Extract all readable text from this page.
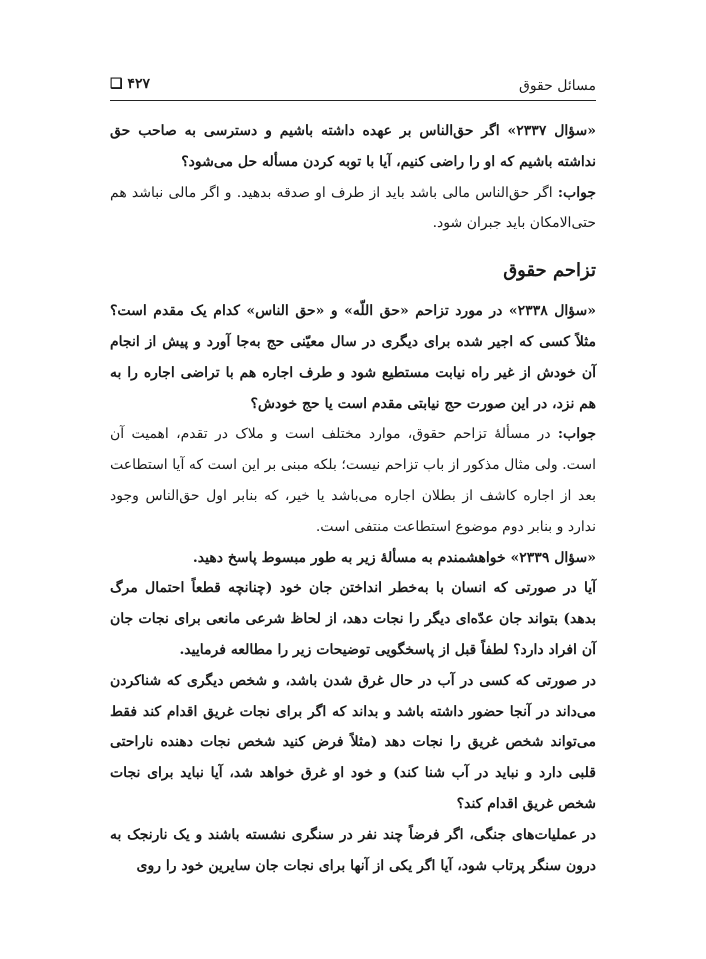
مسائل حقوق
❑ ۴۲۷

«سؤال ۲۳۳۷» اگر حق‌الناس بر عهده داشته باشیم و دسترسی به صاحب حق نداشته باشیم که او را راضی کنیم، آیا با توبه کردن مسأله حل می‌شود؟

جواب: اگر حق‌الناس مالی باشد باید از طرف او صدقه بدهید. و اگر مالی نباشد هم حتی‌الامکان باید جبران شود.

تزاحم حقوق

«سؤال ۲۳۳۸» در مورد تزاحم «حق اللّه» و «حق الناس» کدام یک مقدم است؟ مثلاً کسی که اجیر شده برای دیگری در سال معیّنی حج به‌جا آورد و پیش از انجام آن خودش از غیر راه نیابت مستطیع شود و طرف اجاره هم با تراضی اجاره را به هم نزد، در این صورت حج نیابتی مقدم است یا حج خودش؟

جواب: در مسألهٔ تزاحم حقوق، موارد مختلف است و ملاک در تقدم، اهمیت آن است. ولی مثال مذکور از باب تزاحم نیست؛ بلکه مبنی بر این است که آیا استطاعت بعد از اجاره کاشف از بطلان اجاره می‌باشد یا خیر، که بنابر اول حق‌الناس وجود ندارد و بنابر دوم موضوع استطاعت منتفی است.

«سؤال ۲۳۳۹» خواهشمندم به مسألهٔ زیر به طور مبسوط پاسخ دهید.

آیا در صورتی که انسان با به‌خطر انداختن جان خود (چنانچه قطعاً احتمال مرگ بدهد) بتواند جان عدّه‌ای دیگر را نجات دهد، از لحاظ شرعی مانعی برای نجات جان آن افراد دارد؟ لطفاً قبل از پاسخگویی توضیحات زیر را مطالعه فرمایید.

در صورتی که کسی در آب در حال غرق شدن باشد، و شخص دیگری که شناکردن می‌داند در آنجا حضور داشته باشد و بداند که اگر برای نجات غریق اقدام کند فقط می‌تواند شخص غریق را نجات دهد (مثلاً فرض کنید شخص نجات دهنده ناراحتی قلبی دارد و نباید در آب شنا کند) و خود او غرق خواهد شد، آیا نباید برای نجات شخص غریق اقدام کند؟

در عملیات‌های جنگی، اگر فرضاً چند نفر در سنگری نشسته باشند و یک نارنجک به درون سنگر پرتاب شود، آیا اگر یکی از آنها برای نجات جان سایرین خود را روی
